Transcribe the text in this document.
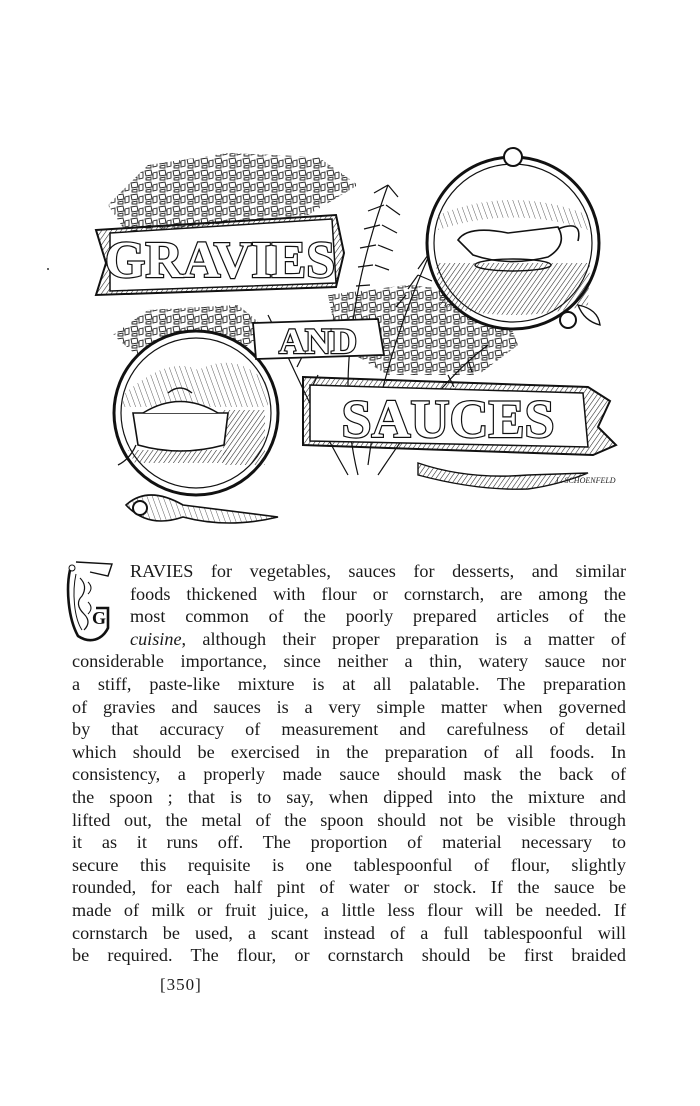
GRAVIES
AND
SAUCES
L. SCHOENFELD
G
RAVIES for vegetables, sauces for desserts, and similar
foods thickened with flour or cornstarch, are among the
most common of the poorly prepared articles of the
cuisine, although their proper preparation is a matter of
considerable importance, since neither a thin, watery sauce nor
a stiff, paste-like mixture is at all palatable. The preparation
of gravies and sauces is a very simple matter when governed
by that accuracy of measurement and carefulness of detail
which should be exercised in the preparation of all foods. In
consistency, a properly made sauce should mask the back of
the spoon ; that is to say, when dipped into the mixture and
lifted out, the metal of the spoon should not be visible through
it as it runs off. The proportion of material necessary to
secure this requisite is one tablespoonful of flour, slightly
rounded, for each half pint of water or stock. If the sauce be
made of milk or fruit juice, a little less flour will be needed. If
cornstarch be used, a scant instead of a full tablespoonful will
be required. The flour, or cornstarch should be first braided
[350]
